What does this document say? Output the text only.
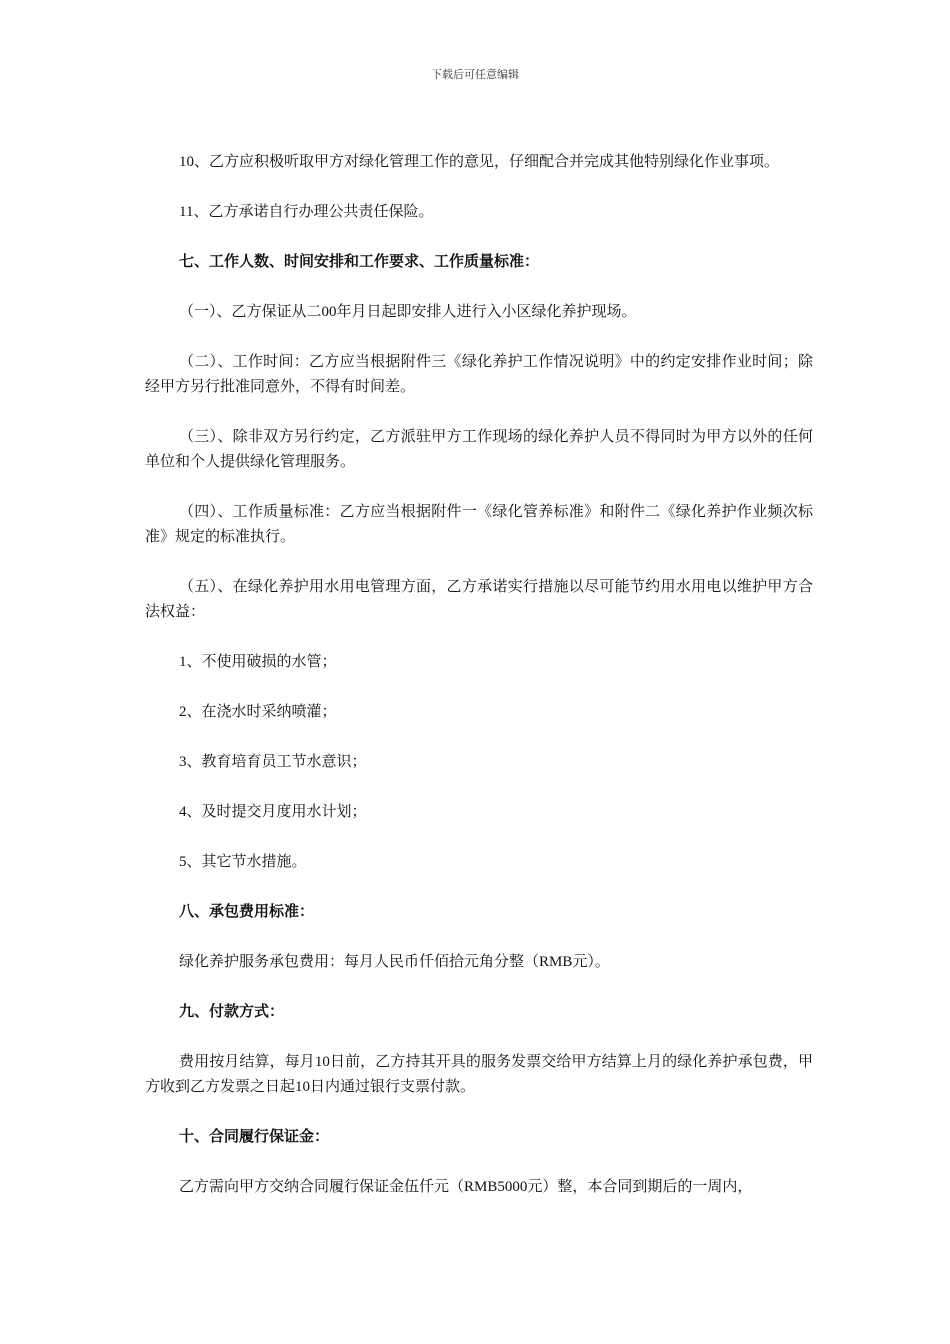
下载后可任意编辑

10、乙方应积极听取甲方对绿化管理工作的意见，仔细配合并完成其他特别绿化作业事项。

11、乙方承诺自行办理公共责任保险。

七、工作人数、时间安排和工作要求、工作质量标准：

（一）、乙方保证从二00年月日起即安排人进行入小区绿化养护现场。

（二）、工作时间：乙方应当根据附件三《绿化养护工作情况说明》中的约定安排作业时间；除经甲方另行批准同意外，不得有时间差。

（三）、除非双方另行约定，乙方派驻甲方工作现场的绿化养护人员不得同时为甲方以外的任何单位和个人提供绿化管理服务。

（四）、工作质量标准：乙方应当根据附件一《绿化管养标准》和附件二《绿化养护作业频次标准》规定的标准执行。

（五）、在绿化养护用水用电管理方面，乙方承诺实行措施以尽可能节约用水用电以维护甲方合法权益：

1、不使用破损的水管；

2、在浇水时采纳喷灌；

3、教育培育员工节水意识；

4、及时提交月度用水计划；

5、其它节水措施。

八、承包费用标准：

绿化养护服务承包费用：每月人民币仟佰拾元角分整（RMB元）。

九、付款方式：

费用按月结算，每月10日前，乙方持其开具的服务发票交给甲方结算上月的绿化养护承包费，甲方收到乙方发票之日起10日内通过银行支票付款。

十、合同履行保证金：

乙方需向甲方交纳合同履行保证金伍仟元（RMB5000元）整，本合同到期后的一周内，
